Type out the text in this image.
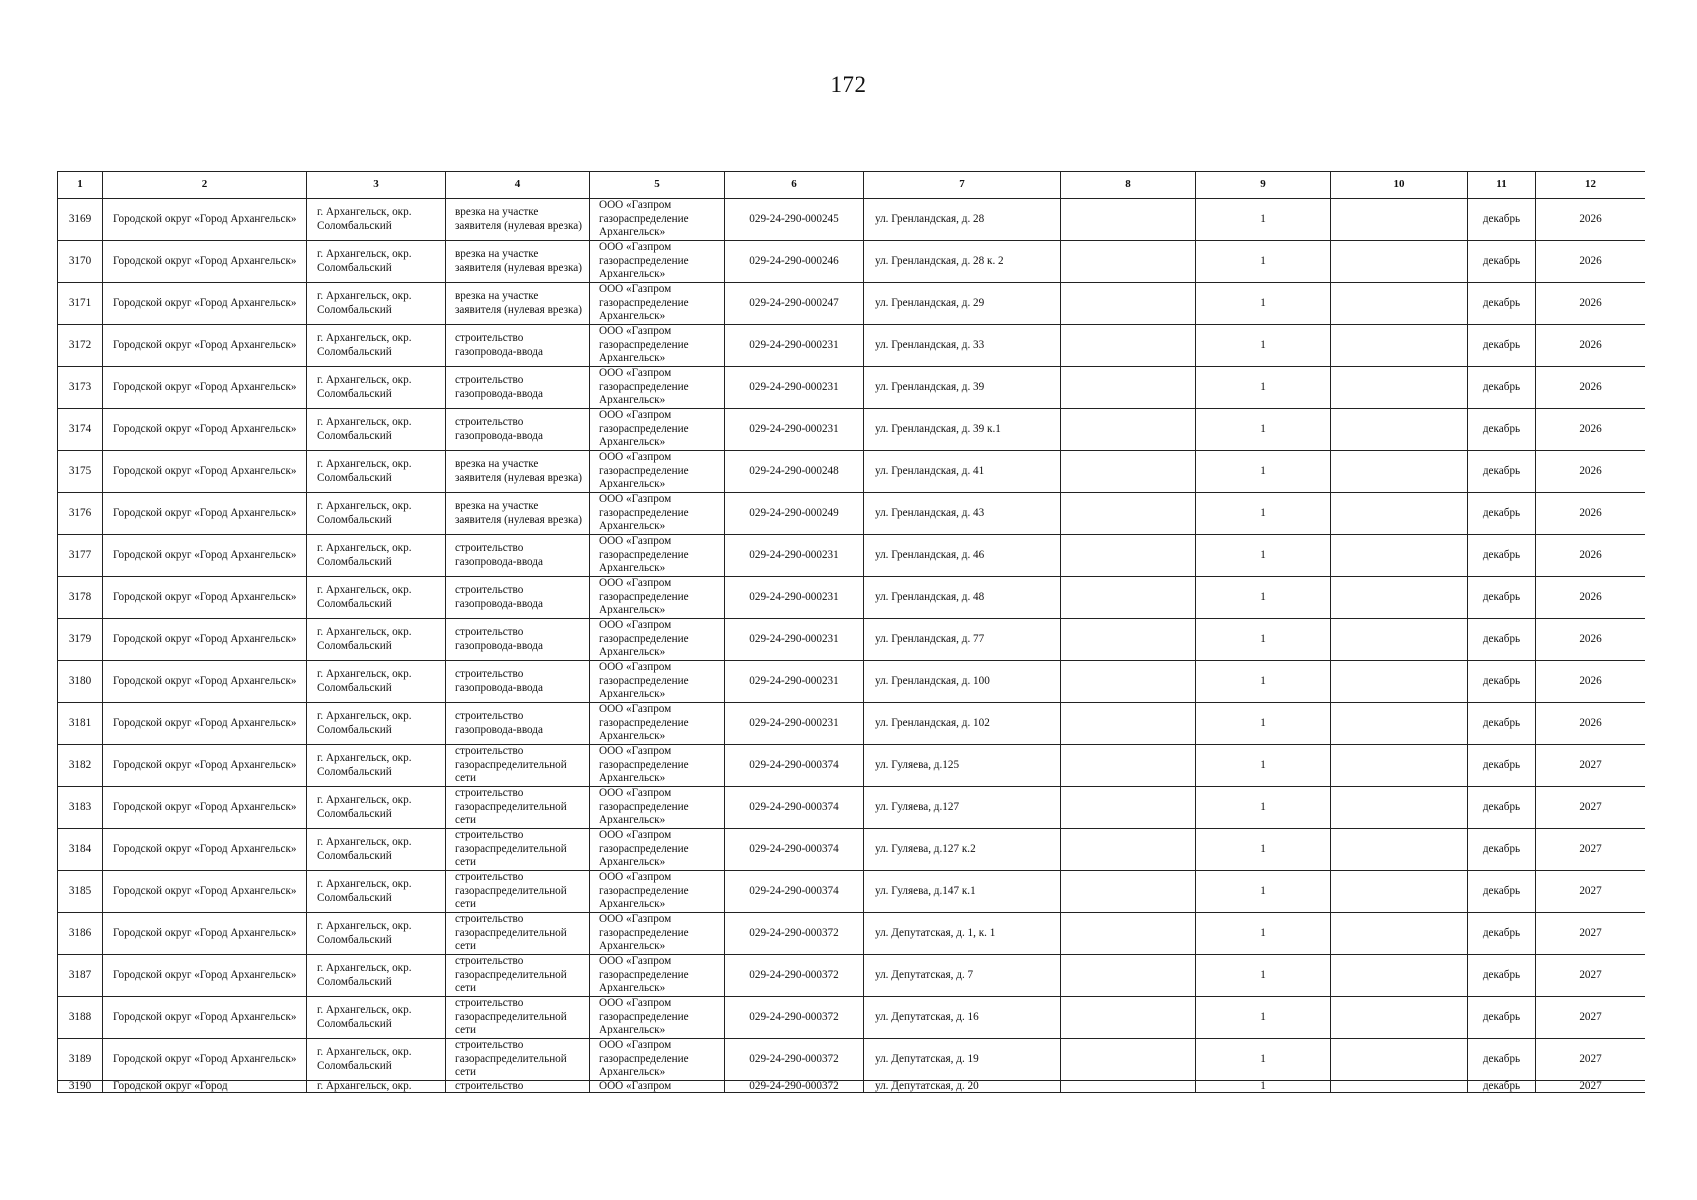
172
1	2	3	4	5	6	7	8	9	10	11	12

3169	Городской округ «Город Архангельск»	г. Архангельск, окр. Соломбальский	врезка на участке заявителя (нулевая врезка)	ООО «Газпром газораспределение Архангельск»	029-24-290-000245	ул. Гренландская, д. 28		1		декабрь	2026

3170	Городской округ «Город Архангельск»	г. Архангельск, окр. Соломбальский	врезка на участке заявителя (нулевая врезка)	ООО «Газпром газораспределение Архангельск»	029-24-290-000246	ул. Гренландская, д. 28 к. 2		1		декабрь	2026

3171	Городской округ «Город Архангельск»	г. Архангельск, окр. Соломбальский	врезка на участке заявителя (нулевая врезка)	ООО «Газпром газораспределение Архангельск»	029-24-290-000247	ул. Гренландская, д. 29		1		декабрь	2026

3172	Городской округ «Город Архангельск»	г. Архангельск, окр. Соломбальский	строительство газопровода-ввода	ООО «Газпром газораспределение Архангельск»	029-24-290-000231	ул. Гренландская, д. 33		1		декабрь	2026

3173	Городской округ «Город Архангельск»	г. Архангельск, окр. Соломбальский	строительство газопровода-ввода	ООО «Газпром газораспределение Архангельск»	029-24-290-000231	ул. Гренландская, д. 39		1		декабрь	2026

3174	Городской округ «Город Архангельск»	г. Архангельск, окр. Соломбальский	строительство газопровода-ввода	ООО «Газпром газораспределение Архангельск»	029-24-290-000231	ул. Гренландская, д. 39 к.1		1		декабрь	2026

3175	Городской округ «Город Архангельск»	г. Архангельск, окр. Соломбальский	врезка на участке заявителя (нулевая врезка)	ООО «Газпром газораспределение Архангельск»	029-24-290-000248	ул. Гренландская, д. 41		1		декабрь	2026

3176	Городской округ «Город Архангельск»	г. Архангельск, окр. Соломбальский	врезка на участке заявителя (нулевая врезка)	ООО «Газпром газораспределение Архангельск»	029-24-290-000249	ул. Гренландская, д. 43		1		декабрь	2026

3177	Городской округ «Город Архангельск»	г. Архангельск, окр. Соломбальский	строительство газопровода-ввода	ООО «Газпром газораспределение Архангельск»	029-24-290-000231	ул. Гренландская, д. 46		1		декабрь	2026

3178	Городской округ «Город Архангельск»	г. Архангельск, окр. Соломбальский	строительство газопровода-ввода	ООО «Газпром газораспределение Архангельск»	029-24-290-000231	ул. Гренландская, д. 48		1		декабрь	2026

3179	Городской округ «Город Архангельск»	г. Архангельск, окр. Соломбальский	строительство газопровода-ввода	ООО «Газпром газораспределение Архангельск»	029-24-290-000231	ул. Гренландская, д. 77		1		декабрь	2026

3180	Городской округ «Город Архангельск»	г. Архангельск, окр. Соломбальский	строительство газопровода-ввода	ООО «Газпром газораспределение Архангельск»	029-24-290-000231	ул. Гренландская, д. 100		1		декабрь	2026

3181	Городской округ «Город Архангельск»	г. Архангельск, окр. Соломбальский	строительство газопровода-ввода	ООО «Газпром газораспределение Архангельск»	029-24-290-000231	ул. Гренландская, д. 102		1		декабрь	2026

3182	Городской округ «Город Архангельск»	г. Архангельск, окр. Соломбальский	строительство газораспределительной сети	ООО «Газпром газораспределение Архангельск»	029-24-290-000374	ул. Гуляева, д.125		1		декабрь	2027

3183	Городской округ «Город Архангельск»	г. Архангельск, окр. Соломбальский	строительство газораспределительной сети	ООО «Газпром газораспределение Архангельск»	029-24-290-000374	ул. Гуляева, д.127		1		декабрь	2027

3184	Городской округ «Город Архангельск»	г. Архангельск, окр. Соломбальский	строительство газораспределительной сети	ООО «Газпром газораспределение Архангельск»	029-24-290-000374	ул. Гуляева, д.127 к.2		1		декабрь	2027

3185	Городской округ «Город Архангельск»	г. Архангельск, окр. Соломбальский	строительство газораспределительной сети	ООО «Газпром газораспределение Архангельск»	029-24-290-000374	ул. Гуляева, д.147 к.1		1		декабрь	2027

3186	Городской округ «Город Архангельск»	г. Архангельск, окр. Соломбальский	строительство газораспределительной сети	ООО «Газпром газораспределение Архангельск»	029-24-290-000372	ул. Депутатская, д. 1, к. 1		1		декабрь	2027

3187	Городской округ «Город Архангельск»	г. Архангельск, окр. Соломбальский	строительство газораспределительной сети	ООО «Газпром газораспределение Архангельск»	029-24-290-000372	ул. Депутатская, д. 7		1		декабрь	2027

3188	Городской округ «Город Архангельск»	г. Архангельск, окр. Соломбальский	строительство газораспределительной сети	ООО «Газпром газораспределение Архангельск»	029-24-290-000372	ул. Депутатская, д. 16		1		декабрь	2027

3189	Городской округ «Город Архангельск»	г. Архангельск, окр. Соломбальский	строительство газораспределительной сети	ООО «Газпром газораспределение Архангельск»	029-24-290-000372	ул. Депутатская, д. 19		1		декабрь	2027

3190	Городской округ «Город	г. Архангельск, окр.	строительство	ООО «Газпром	029-24-290-000372	ул. Депутатская, д. 20		1		декабрь	2027
